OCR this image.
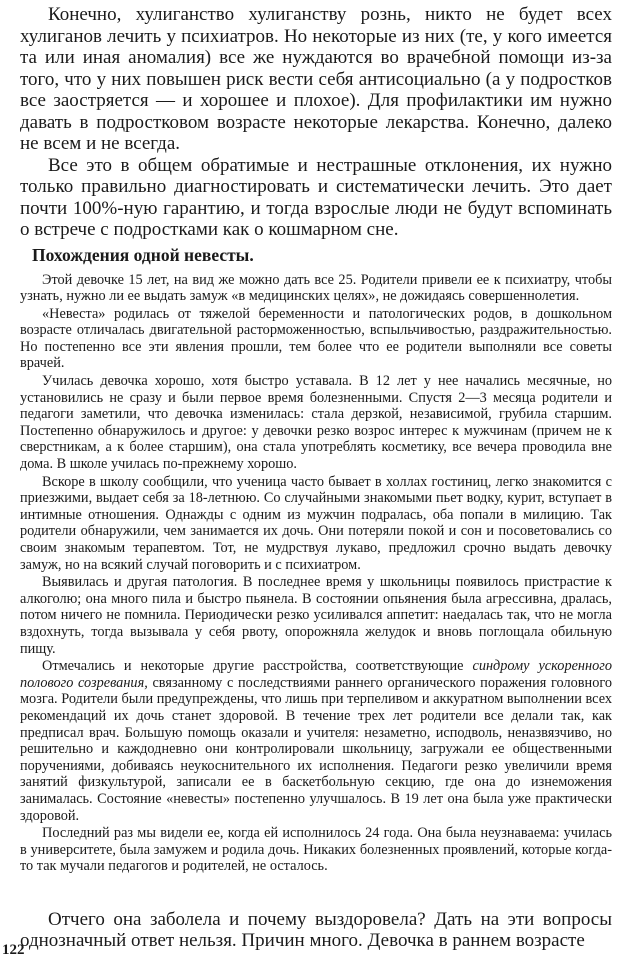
Конечно, хулиганство хулиганству рознь, никто не будет всех хулиганов лечить у психиатров. Но некоторые из них (те, у кого имеется та или иная аномалия) все же нуждаются во врачебной помощи из-за того, что у них повышен риск вести себя антисоциально (а у подростков все заостряется — и хорошее и плохое). Для профилактики им нужно давать в подростковом возрасте некоторые лекарства. Конечно, далеко не всем и не всегда.

Все это в общем обратимые и нестрашные отклонения, их нужно только правильно диагностировать и систематически лечить. Это дает почти 100%-ную гарантию, и тогда взрослые люди не будут вспоминать о встрече с подростками как о кошмарном сне.

Похождения одной невесты.

Этой девочке 15 лет, на вид же можно дать все 25. Родители привели ее к психиатру, чтобы узнать, нужно ли ее выдать замуж «в медицинских целях», не дожидаясь совершеннолетия.

«Невеста» родилась от тяжелой беременности и патологических родов, в дошкольном возрасте отличалась двигательной расторможенностью, вспыльчивостью, раздражительностью. Но постепенно все эти явления прошли, тем более что ее родители выполняли все советы врачей.

Училась девочка хорошо, хотя быстро уставала. В 12 лет у нее начались месячные, но установились не сразу и были первое время болезненными. Спустя 2—3 месяца родители и педагоги заметили, что девочка изменилась: стала дерзкой, независимой, грубила старшим. Постепенно обнаружилось и другое: у девочки резко возрос интерес к мужчинам (причем не к сверстникам, а к более старшим), она стала употреблять косметику, все вечера проводила вне дома. В школе училась по-прежнему хорошо.

Вскоре в школу сообщили, что ученица часто бывает в холлах гостиниц, легко знакомится с приезжими, выдает себя за 18-летнюю. Со случайными знакомыми пьет водку, курит, вступает в интимные отношения. Однажды с одним из мужчин подралась, оба попали в милицию. Так родители обнаружили, чем занимается их дочь. Они потеряли покой и сон и посоветовались со своим знакомым терапевтом. Тот, не мудрствуя лукаво, предложил срочно выдать девочку замуж, но на всякий случай поговорить и с психиатром.

Выявилась и другая патология. В последнее время у школьницы появилось пристрастие к алкоголю; она много пила и быстро пьянела. В состоянии опьянения была агрессивна, дралась, потом ничего не помнила. Периодически резко усиливался аппетит: наедалась так, что не могла вздохнуть, тогда вызывала у себя рвоту, опорожняла желудок и вновь поглощала обильную пищу.

Отмечались и некоторые другие расстройства, соответствующие синдрому ускоренного полового созревания, связанному с последствиями раннего органического поражения головного мозга. Родители были предупреждены, что лишь при терпеливом и аккуратном выполнении всех рекомендаций их дочь станет здоровой. В течение трех лет родители все делали так, как предписал врач. Большую помощь оказали и учителя: незаметно, исподволь, неназвязчиво, но решительно и каждодневно они контролировали школьницу, загружали ее общественными поручениями, добиваясь неукоснительного их исполнения. Педагоги резко увеличили время занятий физкультурой, записали ее в баскетбольную секцию, где она до изнеможения занималась. Состояние «невесты» постепенно улучшалось. В 19 лет она была уже практически здоровой.

Последний раз мы видели ее, когда ей исполнилось 24 года. Она была неузнаваема: училась в университете, была замужем и родила дочь. Никаких болезненных проявлений, которые когда-то так мучали педагогов и родителей, не осталось.

Отчего она заболела и почему выздоровела? Дать на эти вопросы однозначный ответ нельзя. Причин много. Девочка в раннем возрасте

122
